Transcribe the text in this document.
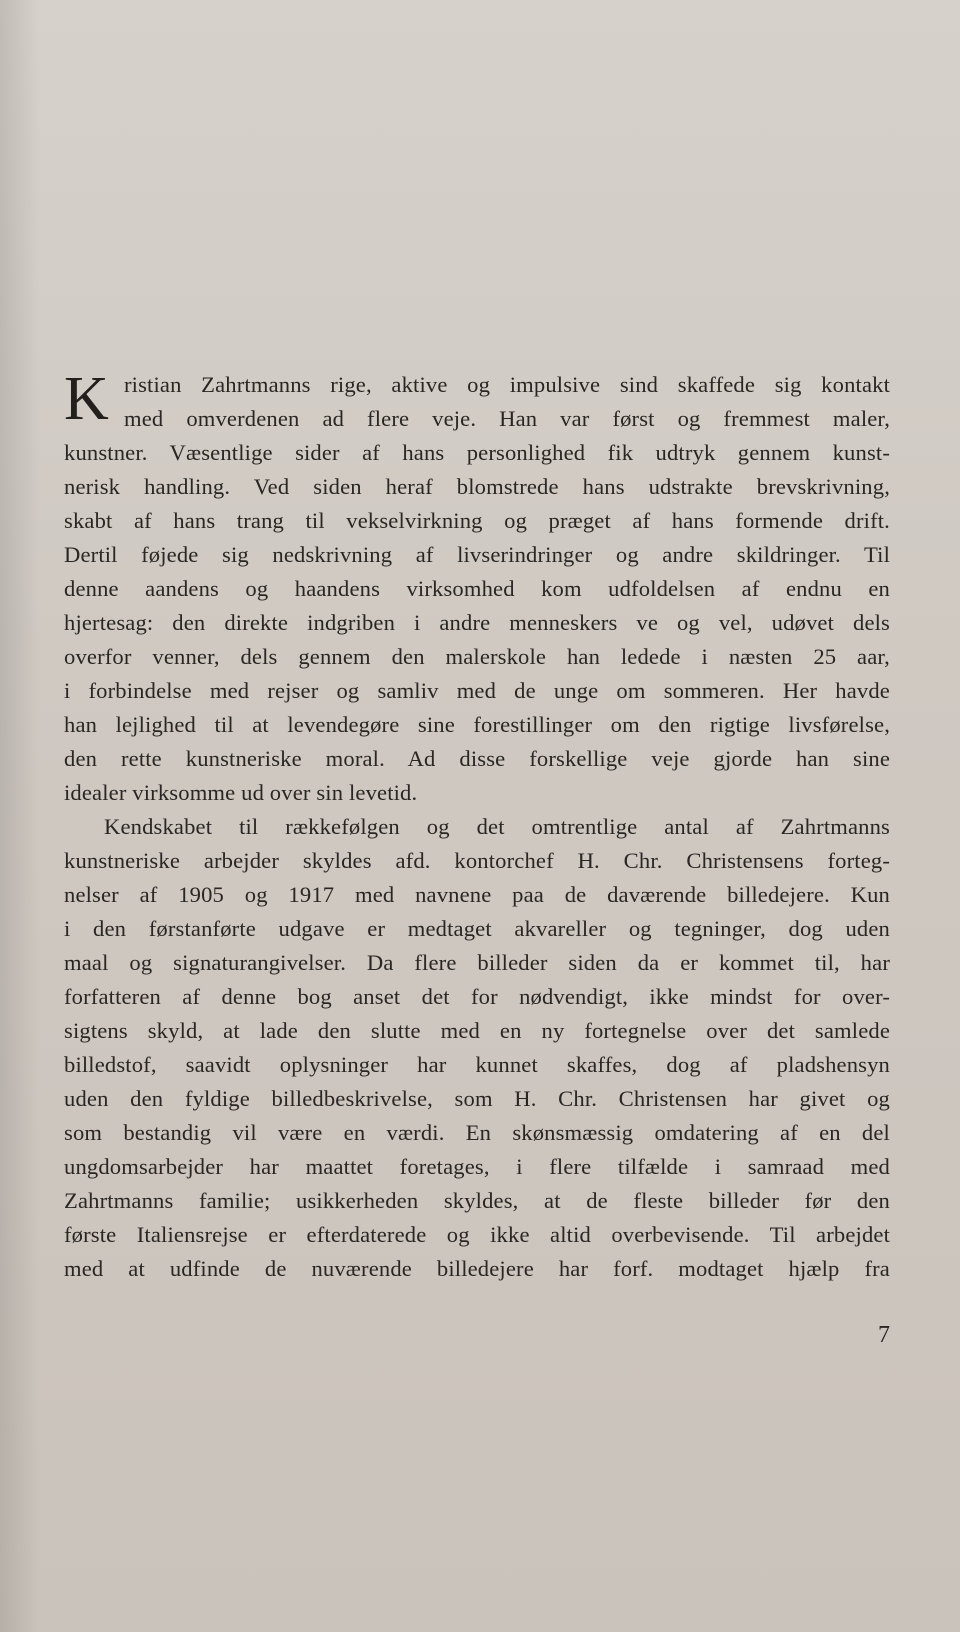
K ristian Zahrtmanns rige, aktive og impulsive sind skaffede sig kontakt
med omverdenen ad flere veje. Han var først og fremmest maler,
kunstner. Væsentlige sider af hans personlighed fik udtryk gennem kunst-
nerisk handling. Ved siden heraf blomstrede hans udstrakte brevskrivning,
skabt af hans trang til vekselvirkning og præget af hans formende drift.
Dertil føjede sig nedskrivning af livserindringer og andre skildringer. Til
denne aandens og haandens virksomhed kom udfoldelsen af endnu en
hjertesag: den direkte indgriben i andre menneskers ve og vel, udøvet dels
overfor venner, dels gennem den malerskole han ledede i næsten 25 aar,
i forbindelse med rejser og samliv med de unge om sommeren. Her havde
han lejlighed til at levendegøre sine forestillinger om den rigtige livsførelse,
den rette kunstneriske moral. Ad disse forskellige veje gjorde han sine
idealer virksomme ud over sin levetid.
Kendskabet til rækkefølgen og det omtrentlige antal af Zahrtmanns
kunstneriske arbejder skyldes afd. kontorchef H. Chr. Christensens forteg-
nelser af 1905 og 1917 med navnene paa de daværende billedejere. Kun
i den førstanførte udgave er medtaget akvareller og tegninger, dog uden
maal og signaturangivelser. Da flere billeder siden da er kommet til, har
forfatteren af denne bog anset det for nødvendigt, ikke mindst for over-
sigtens skyld, at lade den slutte med en ny fortegnelse over det samlede
billedstof, saavidt oplysninger har kunnet skaffes, dog af pladshensyn
uden den fyldige billedbeskrivelse, som H. Chr. Christensen har givet og
som bestandig vil være en værdi. En skønsmæssig omdatering af en del
ungdomsarbejder har maattet foretages, i flere tilfælde i samraad med
Zahrtmanns familie; usikkerheden skyldes, at de fleste billeder før den
første Italiensrejse er efterdaterede og ikke altid overbevisende. Til arbejdet
med at udfinde de nuværende billedejere har forf. modtaget hjælp fra
7
